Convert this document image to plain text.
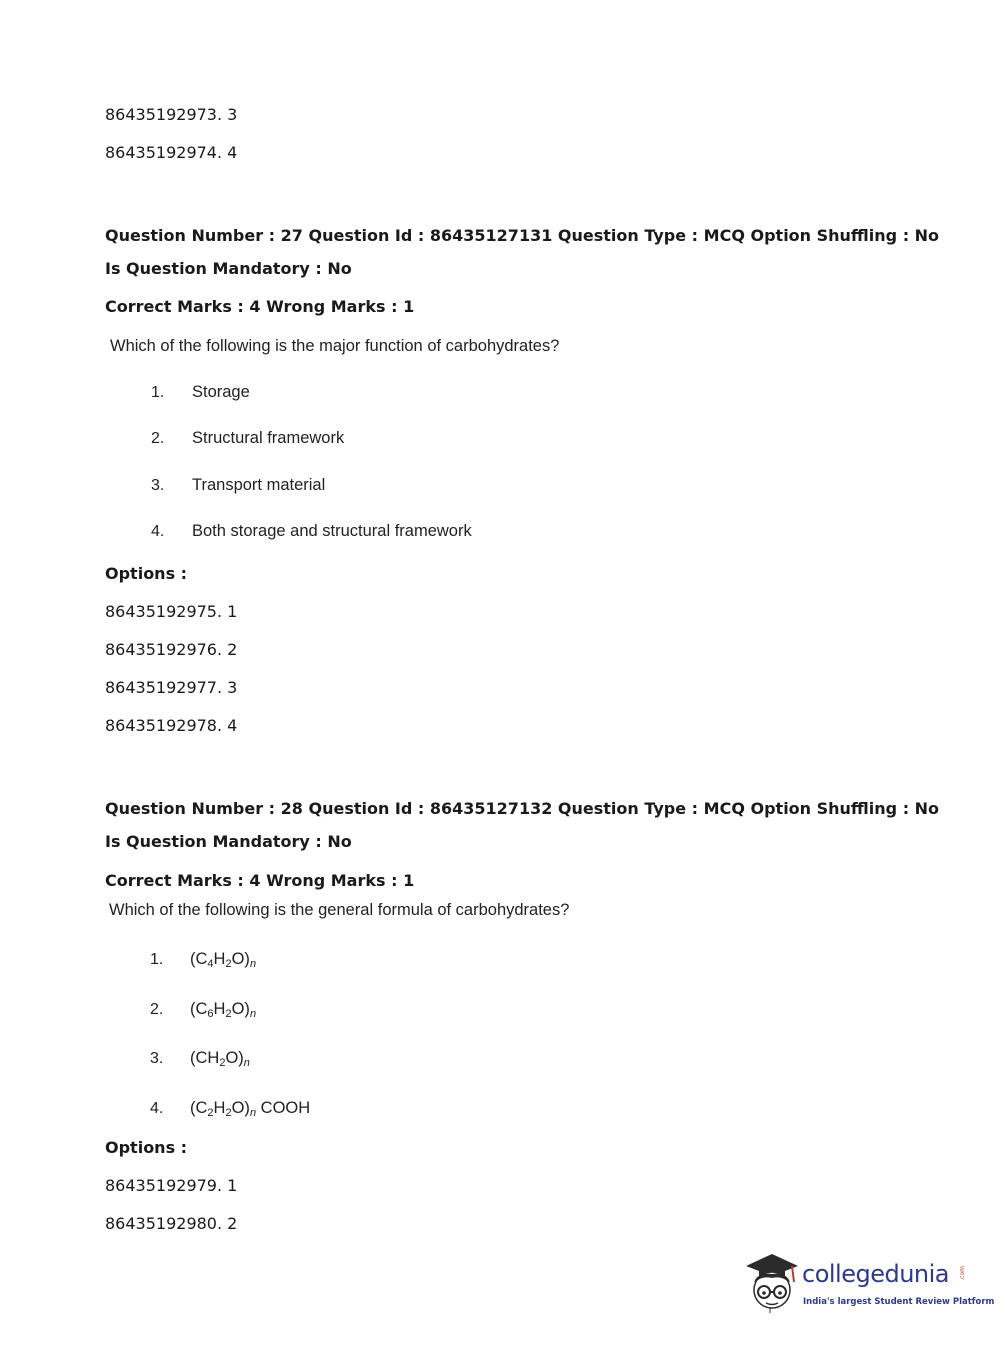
86435192973. 3
86435192974. 4
Question Number : 27 Question Id : 86435127131 Question Type : MCQ Option Shuffling : No
Is Question Mandatory : No
Correct Marks : 4 Wrong Marks : 1
Which of the following is the major function of carbohydrates?
1. Storage
2. Structural framework
3. Transport material
4. Both storage and structural framework
Options :
86435192975. 1
86435192976. 2
86435192977. 3
86435192978. 4
Question Number : 28 Question Id : 86435127132 Question Type : MCQ Option Shuffling : No
Is Question Mandatory : No
Correct Marks : 4 Wrong Marks : 1
Which of the following is the general formula of carbohydrates?
1. $(C_4H_2O)_n$
2. $(C_6H_2O)_n$
3. $(CH_2O)_n$
4. $(C_2H_2O)_n$ COOH
Options :
86435192979. 1
86435192980. 2
collegedunia .com
India's largest Student Review Platform
